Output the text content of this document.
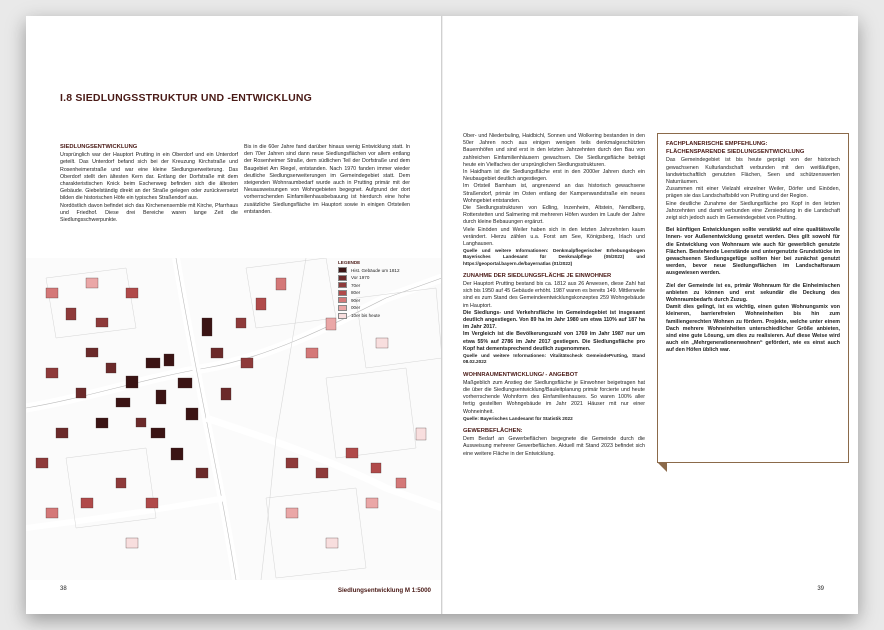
I.8 SIEDLUNGSSTRUKTUR UND -ENTWICKLUNG
SIEDLUNGSENTWICKLUNG

Ursprünglich war der Hauptort Prutting in ein Oberdorf und ein Unterdorf geteilt. Das Unterdorf befand sich bei der Kreuzung Kirchstraße und Rosenheimerstraße und war eine kleine Siedlungserweiterung. Das Oberdorf stellt den ältesten Kern dar. Entlang der Dorfstraße mit dem charakteristischen Knick beim Eschenweg befinden sich die ältesten Gebäude. Giebelständig direkt an der Straße gelegen oder zurückversetzt bilden die historischen Höfe ein typisches Straßendorf aus.

Nordöstlich davon befindet sich das Kirchenensemble mit Kirche, Pfarrhaus und Friedhof. Diese drei Bereiche waren lange Zeit die Siedlungsschwerpunkte.

Bis in die 60er Jahre fand darüber hinaus wenig Entwicklung statt. In den 70er Jahren sind dann neue Siedlungsflächen vor allem entlang der Rosenheimer Straße, dem südlichen Teil der Dorfstraße und dem Baugebiet Am Riegel, entstanden. Nach 1970 fanden immer wieder deutliche Siedlungserweiterungen im Gemeindegebiet statt. Dem steigenden Wohnraumbedarf wurde auch in Prutting primär mit der Neuausweisungen von Wohngebieten begegnet. Aufgrund der dort vorherrschenden Einfamilienhausbebauung ist hierdurch eine hohe zusätzliche Siedlungsfläche im Hauptort sowie in einigen Ortsteilen entstanden.

LEGENDE
Hist. Gebäude um 1812
Vor 1970
70er
80er
90er
00er
10er bis heute
Siedlungsentwicklung M 1:5000
38

Ober- und Niederbuling, Haidbichl, Sonnen und Wolkering bestanden in den 50er Jahren noch aus einigen wenigen teils denkmalgeschützten Bauernhöfen und sind erst in den letzten Jahrzehnten durch den Bau von zahlreichen Einfamilienhäusern gewachsen. Die Siedlungsfläche beträgt heute ein Vielfaches der ursprünglichen Siedlungsstrukturen.

In Haidham ist die Siedlungsfläche erst in den 2000er Jahren durch ein Neubaugebiet deutlich angestiegen.

Im Ortsteil Bamham ist, angrenzend an das historisch gewachsene Straßendorf, primär im Osten entlang der Kampenwandstraße ein neues Wohngebiet entstanden.

Die Siedlungsstrukturen von Edling, Inzenheim, Altstein, Nendlberg, Rotterstetten und Salmering mit mehreren Höfen wurden im Laufe der Jahre durch kleine Bebauungen ergänzt.

Viele Einöden und Weiler haben sich in den letzten Jahrzehnten kaum verändert. Hierzu zählen u.a. Forst am See, Königsberg, Irlach und Langhausen.

Quelle und weitere Informationen: Denkmalpflegerischer Erhebungsbogen Bayerisches Landesamt für Denkmalpflege (05/2022) und https://geoportal.bayern.de/bayernatlas (01/2022)

ZUNAHME DER SIEDLUNGSFLÄCHE JE EINWOHNER

Der Hauptort Prutting bestand bis ca. 1812 aus 26 Anwesen, diese Zahl hat sich bis 1950 auf 45 Gebäude erhöht. 1987 waren es bereits 149. Mittlerweile sind es zum Stand des Gemeindeentwicklungskonzeptes 259 Wohngebäude im Hauptort.

Die Siedlungs- und Verkehrsfläche im Gemeindegebiet ist insgesamt deutlich angestiegen. Von 89 ha im Jahr 1980 um etwa 110% auf 187 ha im Jahr 2017.

Im Vergleich ist die Bevölkerungszahl von 1769 im Jahr 1987 nur um etwa 55% auf 2786 im Jahr 2017 gestiegen. Die Siedlungsfläche pro Kopf hat dementsprechend deutlich zugenommen.

Quelle und weitere Informationen: Vitalitätscheck GemeindePrutting, Stand 08.02.2022

WOHNRAUMENTWICKLUNG/ - ANGEBOT

Maßgeblich zum Anstieg der Siedlungsfläche je Einwohner beigetragen hat die über die Siedlungsentwicklung/Bauleitplanung primär forcierte und heute vorherrschende Wohnform des Einfamilienhauses. So waren 100% aller fertig gestellten Wohngebäude im Jahr 2021 Häuser mit nur einer Wohneinheit.

Quelle: Bayerisches Landesamt für Statistik 2022

GEWERBEFLÄCHEN:

Dem Bedarf an Gewerbeflächen begegnete die Gemeinde durch die Ausweisung mehrerer Gewerbeflächen. Aktuell mit Stand 2023 befindet sich eine weitere Fläche in der Entwicklung.

FACHPLANERISCHE EMPFEHLUNG:
FLÄCHENSPARENDE SIEDLUNGSENTWICKLUNG

Das Gemeindegebiet ist bis heute geprägt von der historisch gewachsenen Kulturlandschaft verbunden mit den weitläufigen, landwirtschaftlich genutzten Flächen, Seen und schützenswerten Naturräumen.

Zusammen mit einer Vielzahl einzelner Weiler, Dörfer und Einöden, prägen sie das Landschaftsbild von Prutting und der Region.

Eine deutliche Zunahme der Siedlungsfläche pro Kopf in den letzten Jahrzehnten und damit verbunden eine Zersiedelung in die Landschaft zeigt sich jedoch auch im Gemeindegebiet von Prutting.

Bei künftigen Entwicklungen sollte verstärkt auf eine qualitätsvolle Innen- vor Außenentwicklung gesetzt werden. Dies gilt sowohl für die Entwicklung von Wohnraum wie auch für gewerblich genutzte Flächen. Bestehende Leerstände und untergenutzte Grundstücke im gewachsenen Siedlungsgefüge sollten hier bei zunächst genutzt werden, bevor neue Siedlungsflächen im Landschaftsraum ausgewiesen werden.

Ziel der Gemeinde ist es, primär Wohnraum für die Einheimischen anbieten zu können und erst sekundär die Deckung des Wohnraumbedarfs durch Zuzug.

Damit dies gelingt, ist es wichtig, einen guten Wohnungsmix von kleineren, barrierefreien Wohneinheiten bis hin zum familiengerechten Wohnen zu fördern. Projekte, welche unter einem Dach mehrere Wohneinheiten unterschiedlicher Größe anbieten, sind eine gute Lösung, um dies zu realisieren. Auf diese Weise wird auch ein „Mehrgenerationenwohnen“ gefördert, wie es einst auch auf den Höfen üblich war.

39
